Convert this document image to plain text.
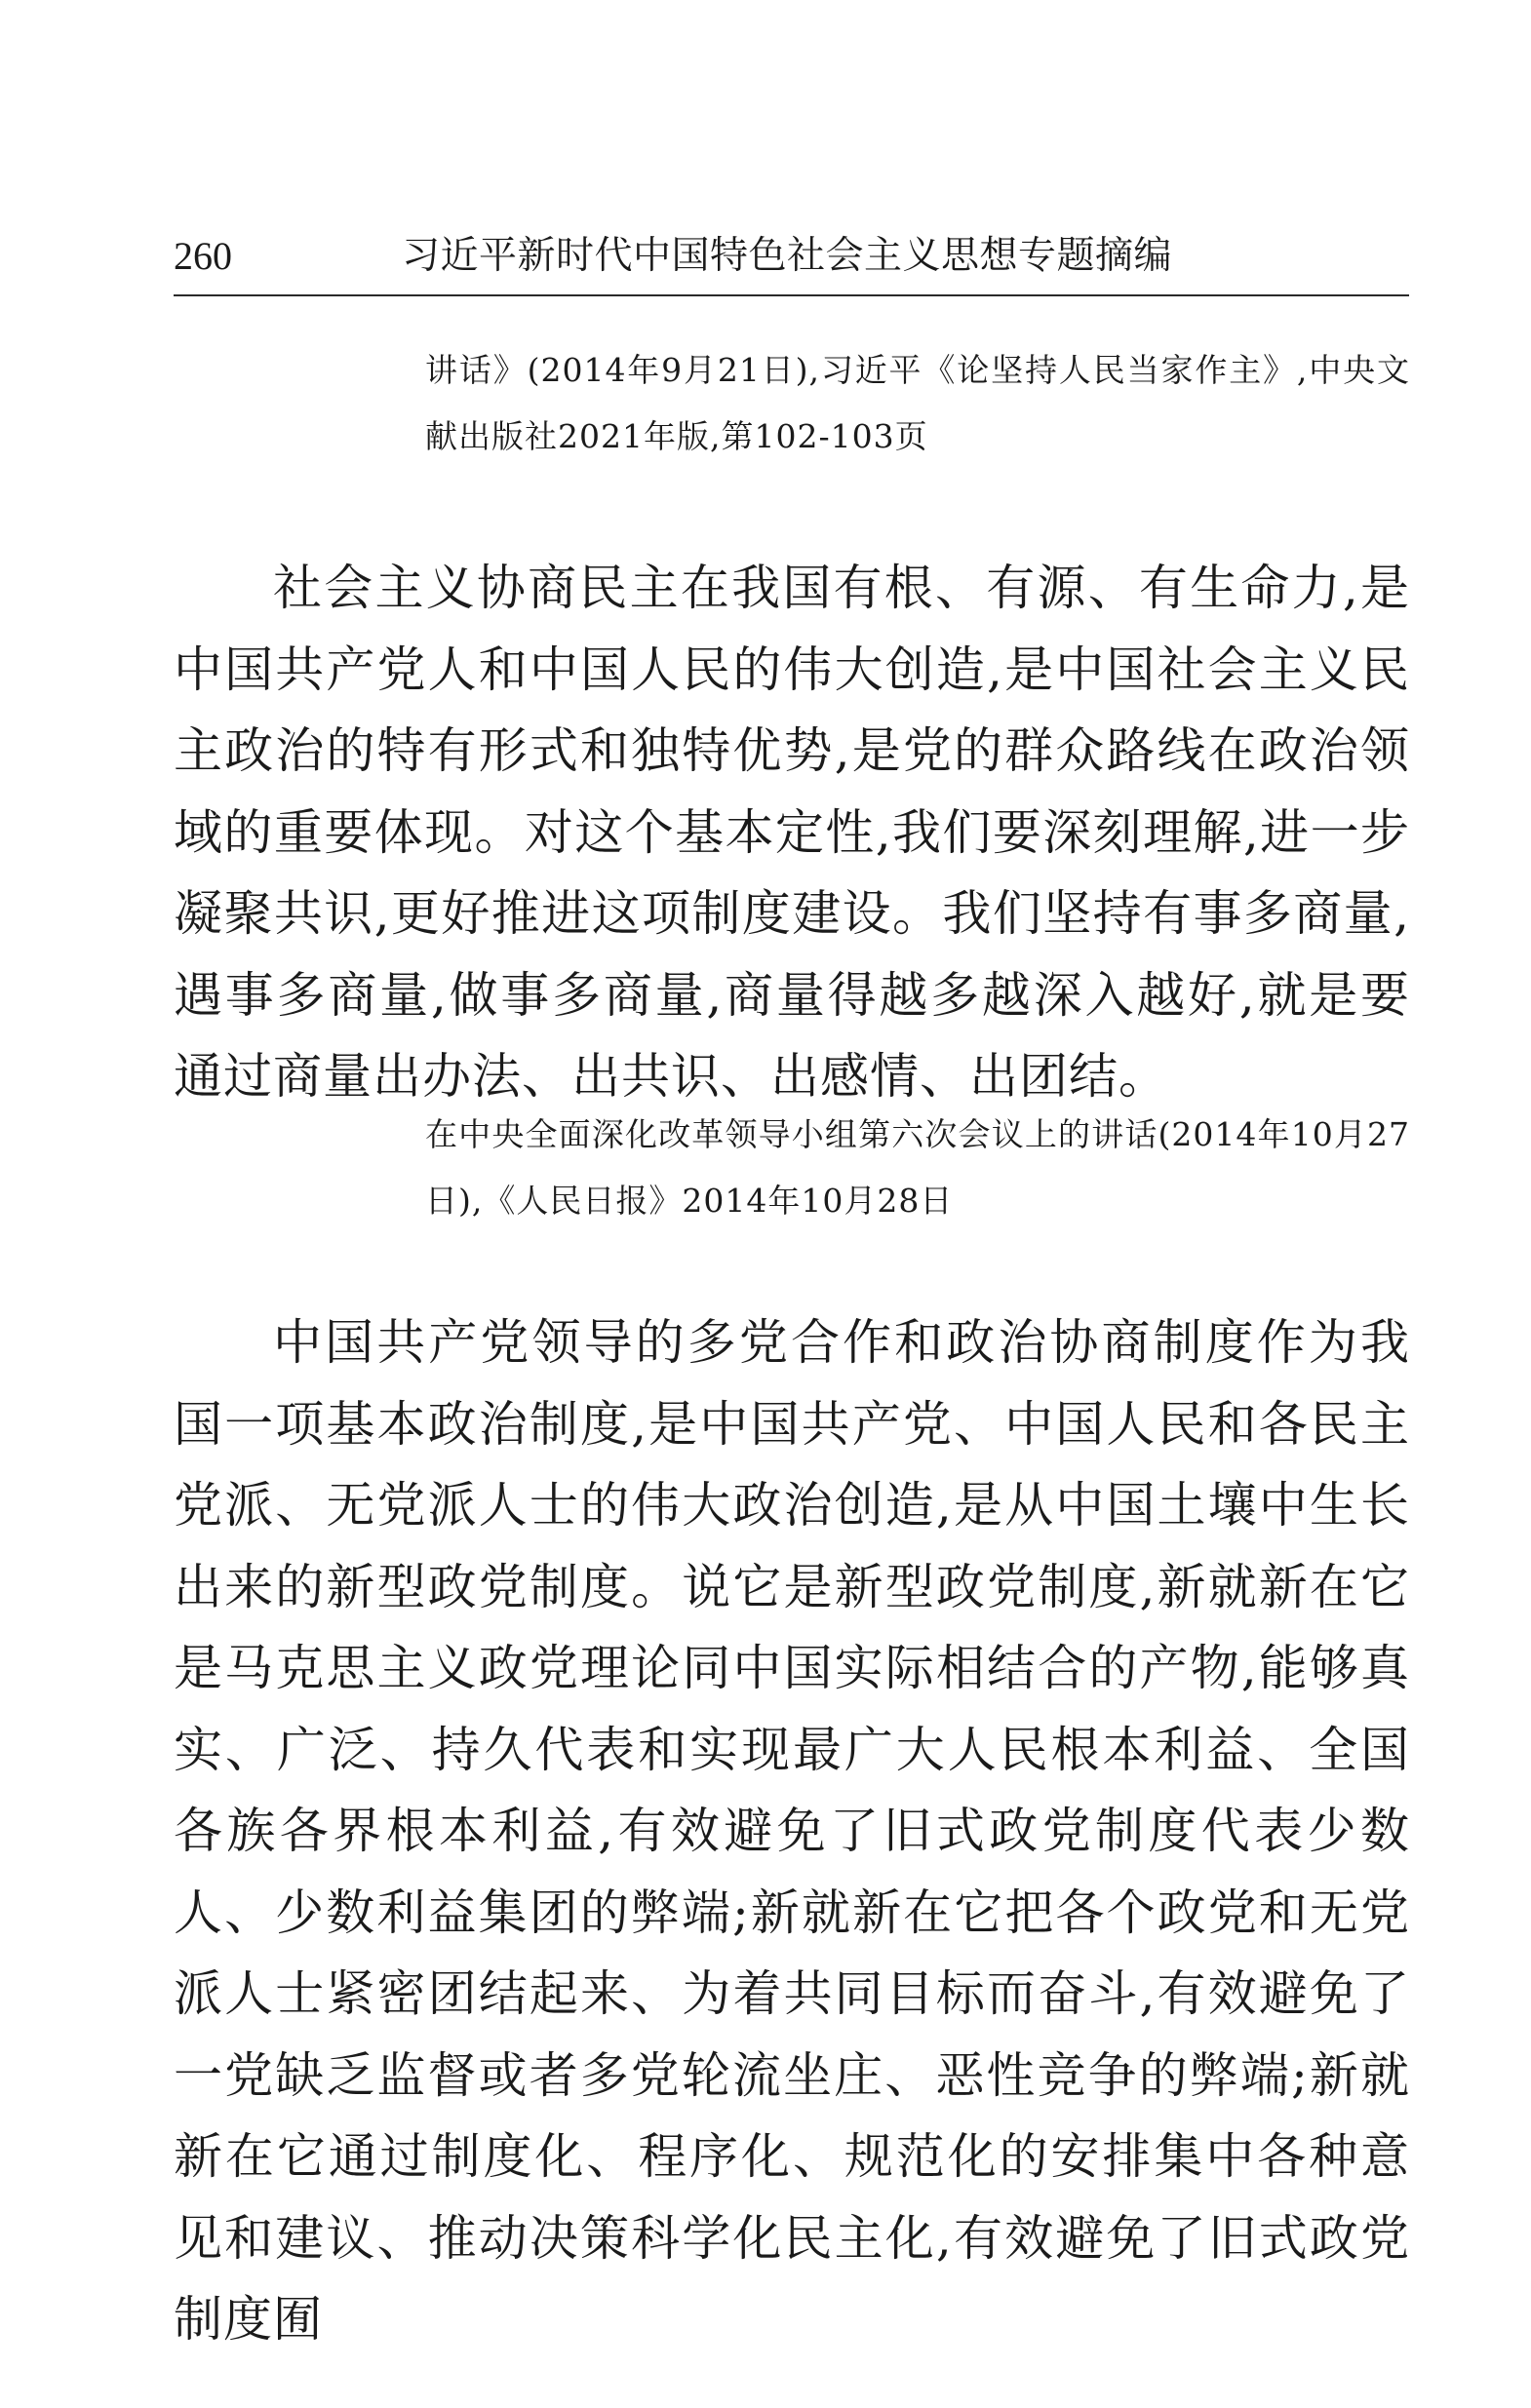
260	习近平新时代中国特色社会主义思想专题摘编
讲话》(2014年9月21日),习近平《论坚持人民当家作主》,中央文献出版社2021年版,第102-103页

社会主义协商民主在我国有根、有源、有生命力,是中国共产党人和中国人民的伟大创造,是中国社会主义民主政治的特有形式和独特优势,是党的群众路线在政治领域的重要体现。对这个基本定性,我们要深刻理解,进一步凝聚共识,更好推进这项制度建设。我们坚持有事多商量,遇事多商量,做事多商量,商量得越多越深入越好,就是要通过商量出办法、出共识、出感情、出团结。

在中央全面深化改革领导小组第六次会议上的讲话(2014年10月27日),《人民日报》2014年10月28日

中国共产党领导的多党合作和政治协商制度作为我国一项基本政治制度,是中国共产党、中国人民和各民主党派、无党派人士的伟大政治创造,是从中国土壤中生长出来的新型政党制度。说它是新型政党制度,新就新在它是马克思主义政党理论同中国实际相结合的产物,能够真实、广泛、持久代表和实现最广大人民根本利益、全国各族各界根本利益,有效避免了旧式政党制度代表少数人、少数利益集团的弊端;新就新在它把各个政党和无党派人士紧密团结起来、为着共同目标而奋斗,有效避免了一党缺乏监督或者多党轮流坐庄、恶性竞争的弊端;新就新在它通过制度化、程序化、规范化的安排集中各种意见和建议、推动决策科学化民主化,有效避免了旧式政党制度囿
